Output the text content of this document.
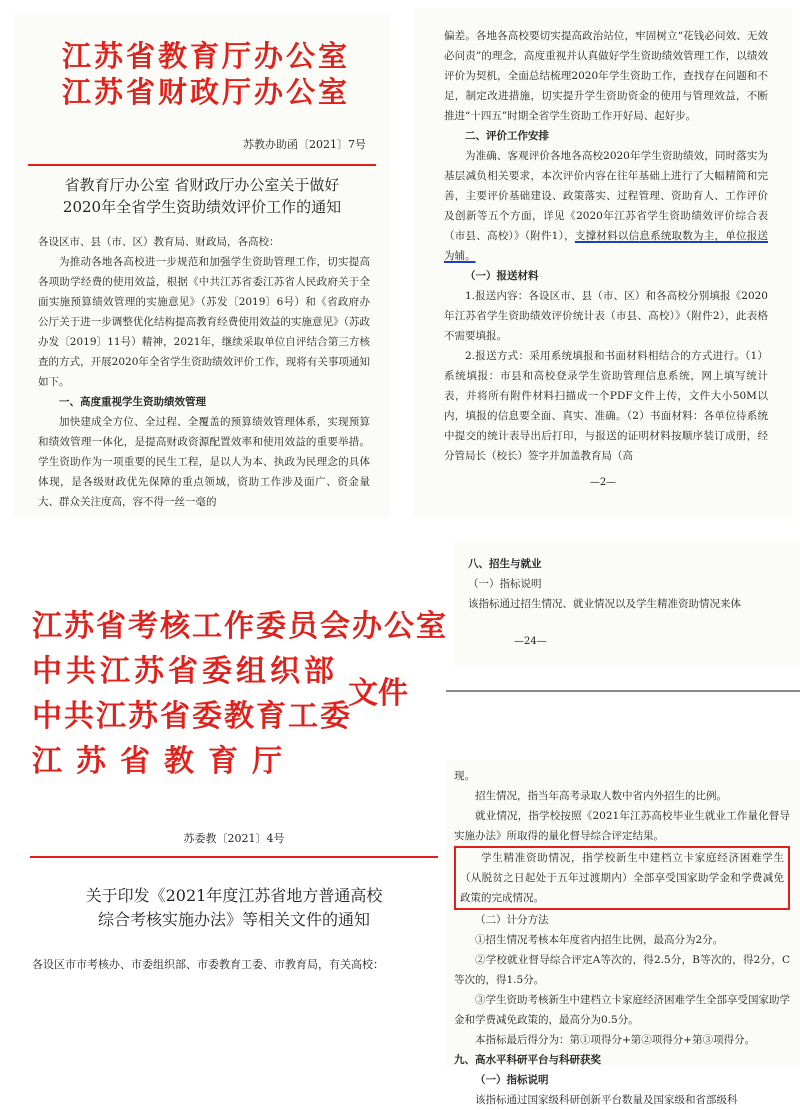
江苏省教育厅办公室

江苏省财政厅办公室

苏教办助函〔2021〕7号

省教育厅办公室 省财政厅办公室关于做好

2020年全省学生资助绩效评价工作的通知

各设区市、县（市、区）教育局、财政局，各高校：

为推动各地各高校进一步规范和加强学生资助管理工作，切实提高各项助学经费的使用效益，根据《中共江苏省委江苏省人民政府关于全面实施预算绩效管理的实施意见》（苏发〔2019〕6号）和《省政府办公厅关于进一步调整优化结构提高教育经费使用效益的实施意见》（苏政办发〔2019〕11号）精神，2021年，继续采取单位自评结合第三方核查的方式，开展2020年全省学生资助绩效评价工作，现将有关事项通知如下。

一、高度重视学生资助绩效管理

加快建成全方位、全过程、全覆盖的预算绩效管理体系，实现预算和绩效管理一体化，是提高财政资源配置效率和使用效益的重要举措。学生资助作为一项重要的民生工程，是以人为本、执政为民理念的具体体现，是各级财政优先保障的重点领域，资助工作涉及面广、资金量大、群众关注度高，容不得一丝一毫的

偏差。各地各高校要切实提高政治站位，牢固树立“花钱必问效、无效必问责”的理念，高度重视并认真做好学生资助绩效管理工作，以绩效评价为契机，全面总结梳理2020年学生资助工作，查找存在问题和不足，制定改进措施，切实提升学生资助资金的使用与管理效益，不断推进“十四五”时期全省学生资助工作开好局、起好步。

二、评价工作安排

为准确、客观评价各地各高校2020年学生资助绩效，同时落实为基层减负相关要求，本次评价内容在往年基础上进行了大幅精简和完善，主要评价基础建设、政策落实、过程管理、资助育人、工作评价及创新等五个方面，详见《2020年江苏省学生资助绩效评价综合表（市县、高校）》（附件1），支撑材料以信息系统取数为主，单位报送为辅。

（一）报送材料

1.报送内容：各设区市、县（市、区）和各高校分别填报《2020年江苏省学生资助绩效评价统计表（市县、高校）》（附件2），此表格不需要填报。

2.报送方式：采用系统填报和书面材料相结合的方式进行。（1）系统填报：市县和高校登录学生资助管理信息系统，网上填写统计表，并将所有附件材料扫描成一个PDF文件上传，文件大小50M以内，填报的信息要全面、真实、准确。（2）书面材料：各单位待系统中提交的统计表导出后打印，与报送的证明材料按顺序装订成册，经分管局长（校长）签字并加盖教育局（高

—2—

江苏省考核工作委员会办公室

中共江苏省委组织部

中共江苏省委教育工委

江苏省教育厅

文件
苏委教〔2021〕4号

关于印发《2021年度江苏省地方普通高校

综合考核实施办法》等相关文件的通知

各设区市市考核办、市委组织部、市委教育工委、市教育局，有关高校：

八、招生与就业

（一）指标说明

该指标通过招生情况、就业情况以及学生精准资助情况来体

—24—

现。

招生情况，指当年高考录取人数中省内外招生的比例。

就业情况，指学校按照《2021年江苏高校毕业生就业工作量化督导实施办法》所取得的量化督导综合评定结果。

学生精准资助情况，指学校新生中建档立卡家庭经济困难学生（从脱贫之日起处于五年过渡期内）全部享受国家助学金和学费减免政策的完成情况。

（二）计分方法

①招生情况考核本年度省内招生比例，最高分为2分。

②学校就业督导综合评定A等次的，得2.5分，B等次的，得2分，C等次的，得1.5分。

③学生资助考核新生中建档立卡家庭经济困难学生全部享受国家助学金和学费减免政策的，最高分为0.5分。

本指标最后得分为：第①项得分+第②项得分+第③项得分。

九、高水平科研平台与科研获奖

（一）指标说明

该指标通过国家级科研创新平台数量及国家级和省部级科
